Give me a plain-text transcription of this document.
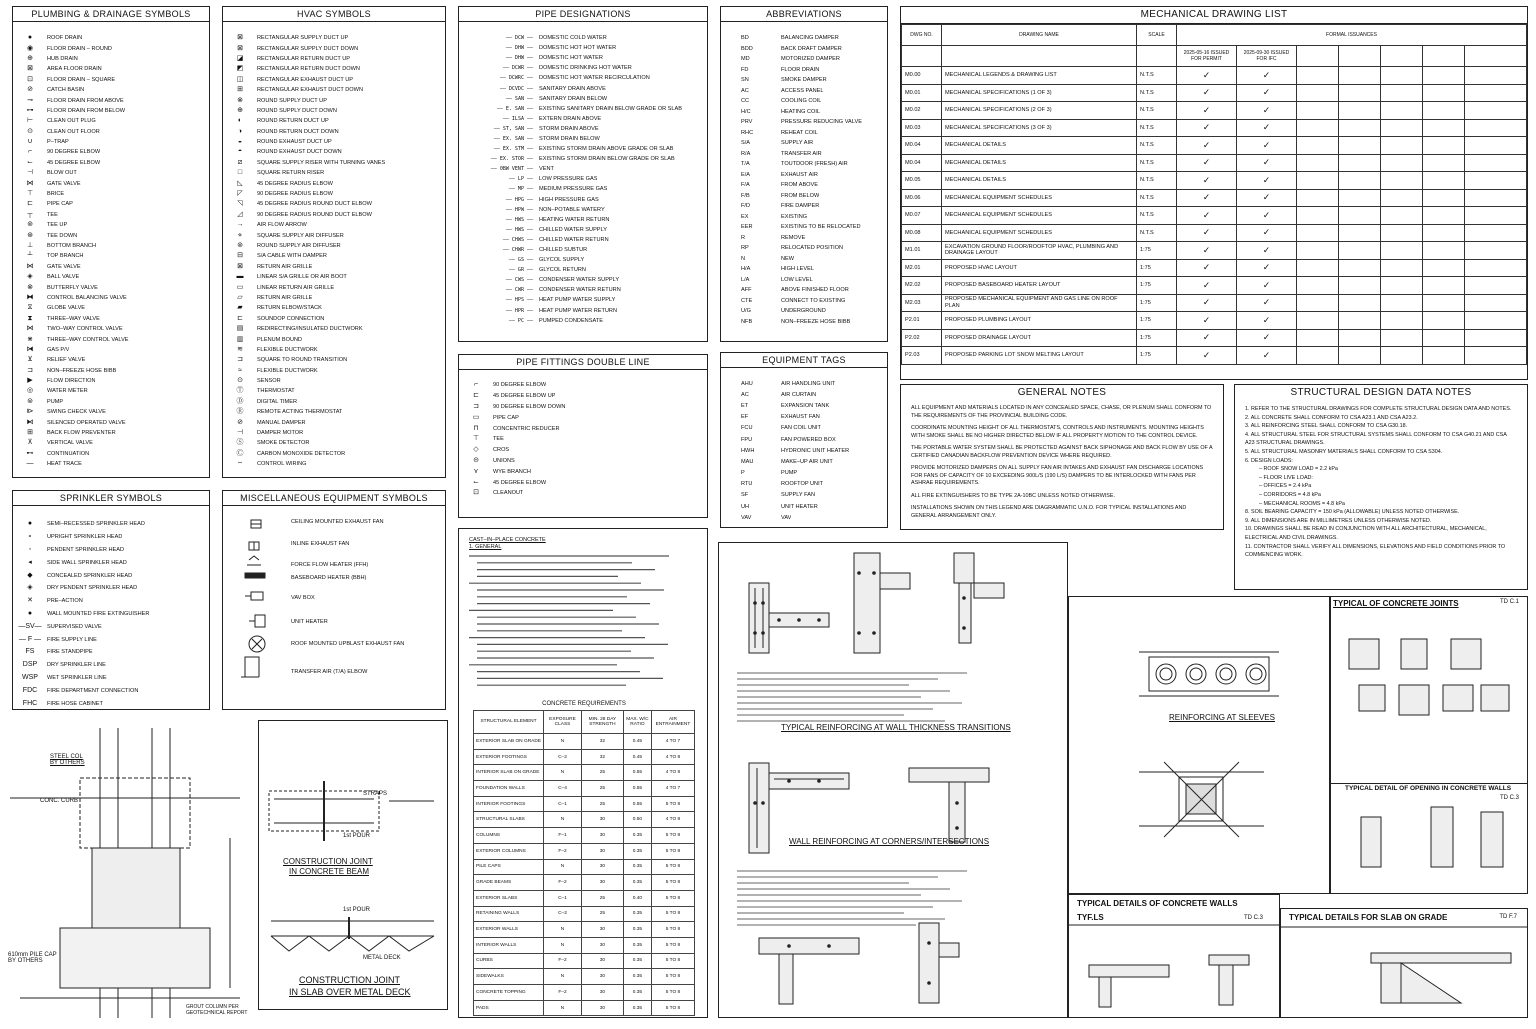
PLUMBING & DRAINAGE SYMBOLS
●	ROOF DRAIN
◉	FLOOR DRAIN – ROUND
⊕	HUB DRAIN
⊠	AREA FLOOR DRAIN
⊡	FLOOR DRAIN – SQUARE
⊘	CATCH BASIN
⊸	FLOOR DRAIN FROM ABOVE
⊶	FLOOR DRAIN FROM BELOW
⊢	CLEAN OUT PLUG
⊙	CLEAN OUT FLOOR
∪	P–TRAP
⌐	90 DEGREE ELBOW
⌙	45 DEGREE ELBOW
⊣	BLOW OUT
⋈	GATE VALVE
⊤	BRICE
⊏	PIPE CAP
┬	TEE
⊚	TEE UP
⊛	TEE DOWN
⊥	BOTTOM BRANCH
┴	TOP BRANCH
⋈	GATE VALVE
◈	BALL VALVE
⊗	BUTTERFLY VALVE
⧓	CONTROL BALANCING VALVE
⧖	GLOBE VALVE
⧗	THREE–WAY VALVE
⋈	TWO–WAY CONTROL VALVE
⋇	THREE–WAY CONTROL VALVE
⧒	GAS P/V
⊻	RELIEF VALVE
⊐	NON–FREEZE HOSE BIBB
▶	FLOW DIRECTION
◎	WATER METER
⊜	PUMP
⧐	SWING CHECK VALVE
⧑	SILENCED OPERATED VALVE
⊞	BACK FLOW PREVENTER
⊼	VERTICAL VALVE
⊷	CONTINUATION
—	HEAT TRACE
HVAC SYMBOLS
⊠	RECTANGULAR SUPPLY DUCT UP
⊠	RECTANGULAR SUPPLY DUCT DOWN
◪	RECTANGULAR RETURN DUCT UP
◩	RECTANGULAR RETURN DUCT DOWN
◫	RECTANGULAR EXHAUST DUCT UP
⊞	RECTANGULAR EXHAUST DUCT DOWN
⊗	ROUND SUPPLY DUCT UP
⊕	ROUND SUPPLY DUCT DOWN
◐	ROUND RETURN DUCT UP
◑	ROUND RETURN DUCT DOWN
◒	ROUND EXHAUST DUCT UP
◓	ROUND EXHAUST DUCT DOWN
⧄	SQUARE SUPPLY RISER WITH TURNING VANES
□	SQUARE RETURN RISER
◺	45 DEGREE RADIUS ELBOW
◸	90 DEGREE RADIUS ELBOW
◹	45 DEGREE RADIUS ROUND DUCT ELBOW
◿	90 DEGREE RADIUS ROUND DUCT ELBOW
→	AIR FLOW ARROW
⋄	SQUARE SUPPLY AIR DIFFUSER
⊚	ROUND SUPPLY AIR DIFFUSER
⊟	S/A CABLE WITH DAMPER
⊠	RETURN AIR GRILLE
▬	LINEAR S/A GRILLE OR AIR BOOT
▭	LINEAR RETURN AIR GRILLE
▱	RETURN AIR GRILLE
▰	RETURN ELBOW/STACK
⊏	SOUNDOP CONNECTION
▤	REDIRECTING/INSULATED DUCTWORK
▥	PLENUM BOUND
≋	FLEXIBLE DUCTWORK
⊐	SQUARE TO ROUND TRANSITION
≈	FLEXIBLE DUCTWORK
⊙	SENSOR
Ⓣ	THERMOSTAT
Ⓓ	DIGITAL TIMER
Ⓡ	REMOTE ACTING THERMOSTAT
⊘	MANUAL DAMPER
⊣	DAMPER MOTOR
Ⓢ	SMOKE DETECTOR
Ⓒ	CARBON MONOXIDE DETECTOR
╌	CONTROL WIRING
PIPE DESIGNATIONS
—— DCW ——	DOMESTIC COLD WATER
—— DHW ——	DOMESTIC HOT HOT WATER
—— DHW ——	DOMESTIC HOT WATER
—— DCWR ——	DOMESTIC DRINKING HOT WATER
—— DCWRC ——	DOMESTIC HOT WATER RECIRCULATION
—— DCVDC ——	SANITARY DRAIN ABOVE
—— SAN ——	SANITARY DRAIN BELOW
—— E. SAN ——	EXISTING SANITARY DRAIN BELOW GRADE OR SLAB
—— ILSA ——	EXTERN DRAIN ABOVE
—— ST, SAN ——	STORM DRAIN ABOVE
—— EX. SAN ——	STORM DRAIN BELOW
—— EX. STM ——	EXISTING STORM DRAIN ABOVE GRADE OR SLAB
—— EX. STOR ——	EXISTING STORM DRAIN BELOW GRADE OR SLAB
—— 0BW VENT ——	VENT
—— LP ——	LOW PRESSURE GAS
—— MP ——	MEDIUM PRESSURE GAS
—— HPG ——	HIGH PRESSURE GAS
—— HPW ——	NON–POTABLE WATERY
—— HWS ——	HEATING WATER RETURN
—— HWS ——	CHILLED WATER SUPPLY
—— CHWS ——	CHILLED WATER RETURN
—— CHWR ——	CHILLED SUBTUR
—— GS ——	GLYCOL SUPPLY
—— GR ——	GLYCOL RETURN
—— CWS ——	CONDENSER WATER SUPPLY
—— CWR ——	CONDENSER WATER RETURN
—— HPS ——	HEAT PUMP WATER SUPPLY
—— HPR ——	HEAT PUMP WATER RETURN
—— PC ——	PUMPED CONDENSATE
ABBREVIATIONS
BD	BALANCING DAMPER
BDD	BACK DRAFT DAMPER
MD	MOTORIZED DAMPER
FD	FLOOR DRAIN
SN	SMOKE DAMPER
AC	ACCESS PANEL
CC	COOLING COIL
H/C	HEATING COIL
PRV	PRESSURE REDUCING VALVE
RHC	REHEAT COIL
S/A	SUPPLY AIR
R/A	TRANSFER AIR
T/A	TOUTDOOR (FRESH) AIR
E/A	EXHAUST AIR
F/A	FROM ABOVE
F/B	FROM BELOW
F/D	FIRE DAMPER
EX	EXISTING
EER	EXISTING TO BE RELOCATED
R	REMOVE
RP	RELOCATED POSITION
N	NEW
H/A	HIGH LEVEL
L/A	LOW LEVEL
AFF	ABOVE FINISHED FLOOR
CTE	CONNECT TO EXISTING
U/G	UNDERGROUND
NFB	NON–FREEZE HOSE BIBB
MECHANICAL DRAWING LIST
DWG NO.	DRAWING NAME	SCALE	FORMAL ISSUANCES						
			2025-05-16 ISSUED FOR PERMIT	2025-09-30 ISSUED FOR IFC					
M0.00	MECHANICAL LEGENDS & DRAWING LIST	N.T.S	✓	✓					
M0.01	MECHANICAL SPECIFICATIONS (1 OF 3)	N.T.S	✓	✓					
M0.02	MECHANICAL SPECIFICATIONS (2 OF 3)	N.T.S	✓	✓					
M0.03	MECHANICAL SPECIFICATIONS (3 OF 3)	N.T.S	✓	✓					
M0.04	MECHANICAL DETAILS	N.T.S	✓	✓					
M0.04	MECHANICAL DETAILS	N.T.S	✓	✓					
M0.05	MECHANICAL DETAILS	N.T.S	✓	✓					
M0.06	MECHANICAL EQUIPMENT SCHEDULES	N.T.S	✓	✓					
M0.07	MECHANICAL EQUIPMENT SCHEDULES	N.T.S	✓	✓					
M0.08	MECHANICAL EQUIPMENT SCHEDULES	N.T.S	✓	✓					
M1.01	EXCAVATION GROUND FLOOR/ROOFTOP HVAC, PLUMBING AND DRAINAGE LAYOUT	1:75	✓	✓					
M2.01	PROPOSED HVAC LAYOUT	1:75	✓	✓					
M2.02	PROPOSED BASEBOARD HEATER LAYOUT	1:75	✓	✓					
M2.03	PROPOSED MECHANICAL EQUIPMENT AND GAS LINE ON ROOF PLAN	1:75	✓	✓					
P2.01	PROPOSED PLUMBING LAYOUT	1:75	✓	✓					
P2.02	PROPOSED DRAINAGE LAYOUT	1:75	✓	✓					
P2.03	PROPOSED PARKING LOT SNOW MELTING LAYOUT	1:75	✓	✓					
PIPE FITTINGS DOUBLE LINE
⌐	90 DEGREE ELBOW
⊏	45 DEGREE ELBOW UP
⊐	90 DEGREE ELBOW DOWN
▭	PIPE CAP
⊓	CONCENTRIC REDUCER
⊤	TEE
◇	CROS
⊝	UNIONS
⋎	WYE BRANCH
⌙	45 DEGREE ELBOW
⊡	CLEANOUT
EQUIPMENT TAGS
AHU	AIR HANDLING UNIT
AC	AIR CURTAIN
ET	EXPANSION TANK
EF	EXHAUST FAN
FCU	FAN COIL UNIT
FPU	FAN POWERED BOX
HWH	HYDRONIC UNIT HEATER
MAU	MAKE–UP AIR UNIT
P	PUMP
RTU	ROOFTOP UNIT
SF	SUPPLY FAN
UH	UNIT HEATER
VAV	VAV
GENERAL NOTES

ALL EQUIPMENT AND MATERIALS LOCATED IN ANY CONCEALED SPACE, CHASE, OR PLENUM SHALL CONFORM TO THE REQUIREMENTS OF THE PROVINCIAL BUILDING CODE.

COORDINATE MOUNTING HEIGHT OF ALL THERMOSTATS, CONTROLS AND INSTRUMENTS. MOUNTING HEIGHTS WITH SMOKE SHALL BE NO HIGHER DIRECTED BELOW IF ALL PROPERTY MOTION TO THE CONTROL DEVICE.

THE PORTABLE WATER SYSTEM SHALL BE PROTECTED AGAINST BACK SIPHONAGE AND BACK FLOW BY USE OF A CERTIFIED CANADIAN BACKFLOW PREVENTION DEVICE WHERE REQUIRED.

PROVIDE MOTORIZED DAMPERS ON ALL SUPPLY FAN AIR INTAKES AND EXHAUST FAN DISCHARGE LOCATIONS FOR FANS OF CAPACITY OF 10 EXCEEDING 900L/S (190 L/S) DAMPERS TO BE INTERLOCKED WITH FANS PER ASHRAE REQUIREMENTS.

ALL FIRE EXTINGUISHERS TO BE TYPE 2A-10BC UNLESS NOTED OTHERWISE.

INSTALLATIONS SHOWN ON THIS LEGEND ARE DIAGRAMMATIC U.N.O. FOR TYPICAL INSTALLATIONS AND GENERAL ARRANGEMENT ONLY.

STRUCTURAL DESIGN DATA NOTES
1. REFER TO THE STRUCTURAL DRAWINGS FOR COMPLETE STRUCTURAL DESIGN DATA AND NOTES.
2. ALL CONCRETE SHALL CONFORM TO CSA A23.1 AND CSA A23.2.
3. ALL REINFORCING STEEL SHALL CONFORM TO CSA G30.18.
4. ALL STRUCTURAL STEEL FOR STRUCTURAL SYSTEMS SHALL CONFORM TO CSA G40.21 AND CSA A23 STRUCTURAL DRAWINGS.
5. ALL STRUCTURAL MASONRY MATERIALS SHALL CONFORM TO CSA S304.
6. DESIGN LOADS:
– ROOF SNOW LOAD = 2.2 kPa
– FLOOR LIVE LOAD:
– OFFICES = 2.4 kPa
– CORRIDORS = 4.8 kPa
– MECHANICAL ROOMS = 4.8 kPa
8. SOIL BEARING CAPACITY = 150 kPa (ALLOWABLE) UNLESS NOTED OTHERWISE.
9. ALL DIMENSIONS ARE IN MILLIMETRES UNLESS OTHERWISE NOTED.
10. DRAWINGS SHALL BE READ IN CONJUNCTION WITH ALL ARCHITECTURAL, MECHANICAL, ELECTRICAL AND CIVIL DRAWINGS.
11. CONTRACTOR SHALL VERIFY ALL DIMENSIONS, ELEVATIONS AND FIELD CONDITIONS PRIOR TO COMMENCING WORK.
SPRINKLER SYMBOLS
●	SEMI–RECESSED SPRINKLER HEAD
∘	UPRIGHT SPRINKLER HEAD
◦	PENDENT SPRINKLER HEAD
◂	SIDE WALL SPRINKLER HEAD
◆	CONCEALED SPRINKLER HEAD
◈	DRY PENDENT SPRINKLER HEAD
✕	PRE–ACTION
●	WALL MOUNTED FIRE EXTINGUISHER
—SV— SUPERVISED VALVE
— F —	FIRE SUPPLY LINE
FS	FIRE STANDPIPE
DSP	DRY SPRINKLER LINE
WSP	WET SPRINKLER LINE
FDC	FIRE DEPARTMENT CONNECTION
FHC	FIRE HOSE CABINET
MISCELLANEOUS EQUIPMENT SYMBOLS
CEILING MOUNTED EXHAUST FAN
INLINE EXHAUST FAN
FORCE FLOW HEATER (FFH)
BASEBOARD HEATER (BBH)
VAV BOX
UNIT HEATER
ROOF MOUNTED UPBLAST EXHAUST FAN
TRANSFER AIR (T/A) ELBOW
CAST–IN–PLACE CONCRETE
1. GENERAL
CONCRETE REQUIREMENTS
STRUCTURAL ELEMENT	EXPOSURE CLASS	MIN. 28 DAY STRENGTH	MAX. W/C RATIO	AIR ENTRAINMENT
EXTERIOR SLAB ON GRADE	N	32	0.45	4 TO 7
EXTERIOR FOOTINGS	C–2	32	0.45	4 TO 8
INTERIOR SLAB ON GRADE	N	25	0.55	4 TO 8
FOUNDATION WALLS	C–4	25	0.55	4 TO 7
INTERIOR FOOTINGS	C–1	25	0.55	5 TO 8
STRUCTURAL SLABS	N	30	0.50	4 TO 8
COLUMNS	F–1	30	0.35	5 TO 8
EXTERIOR COLUMNS	F–2	30	0.35	5 TO 8
PILE CAPS	N	30	0.35	5 TO 8
GRADE BEAMS	F–2	30	0.35	5 TO 8
EXTERIOR SLABS	C–1	25	0.40	5 TO 8
RETAINING WALLS	C–2	25	0.35	5 TO 8
EXTERIOR WALLS	N	30	0.35	5 TO 8
INTERIOR WALLS	N	30	0.35	5 TO 8
CURBS	F–2	30	0.35	5 TO 8
SIDEWALKS	N	30	0.35	5 TO 8
CONCRETE TOPPING	F–2	30	0.35	5 TO 8
PADS	N	30	0.35	5 TO 8
TYPICAL REINFORCING AT WALL THICKNESS TRANSITIONS
WALL REINFORCING AT CORNERS/INTERSECTIONS
REINFORCING AT SLEEVES
TYPICAL OF CONCRETE JOINTS	TD C.1
TYPICAL DETAIL OF OPENING IN CONCRETE WALLS
TD C.3
TYPICAL DETAILS OF CONCRETE WALLS
TYF.LS	TD C.3	TYPICAL DETAILS FOR SLAB ON GRADE	TD F.7
1st POUR
STRAPS
CONSTRUCTION JOINT
IN CONCRETE BEAM
1st POUR
METAL DECK
CONSTRUCTION JOINT
IN SLAB OVER METAL DECK
STEEL COL BY OTHERS
CONC. CURB
610mm PILE CAP BY OTHERS
GROUT COLUMN PER GEOTECHNICAL REPORT
